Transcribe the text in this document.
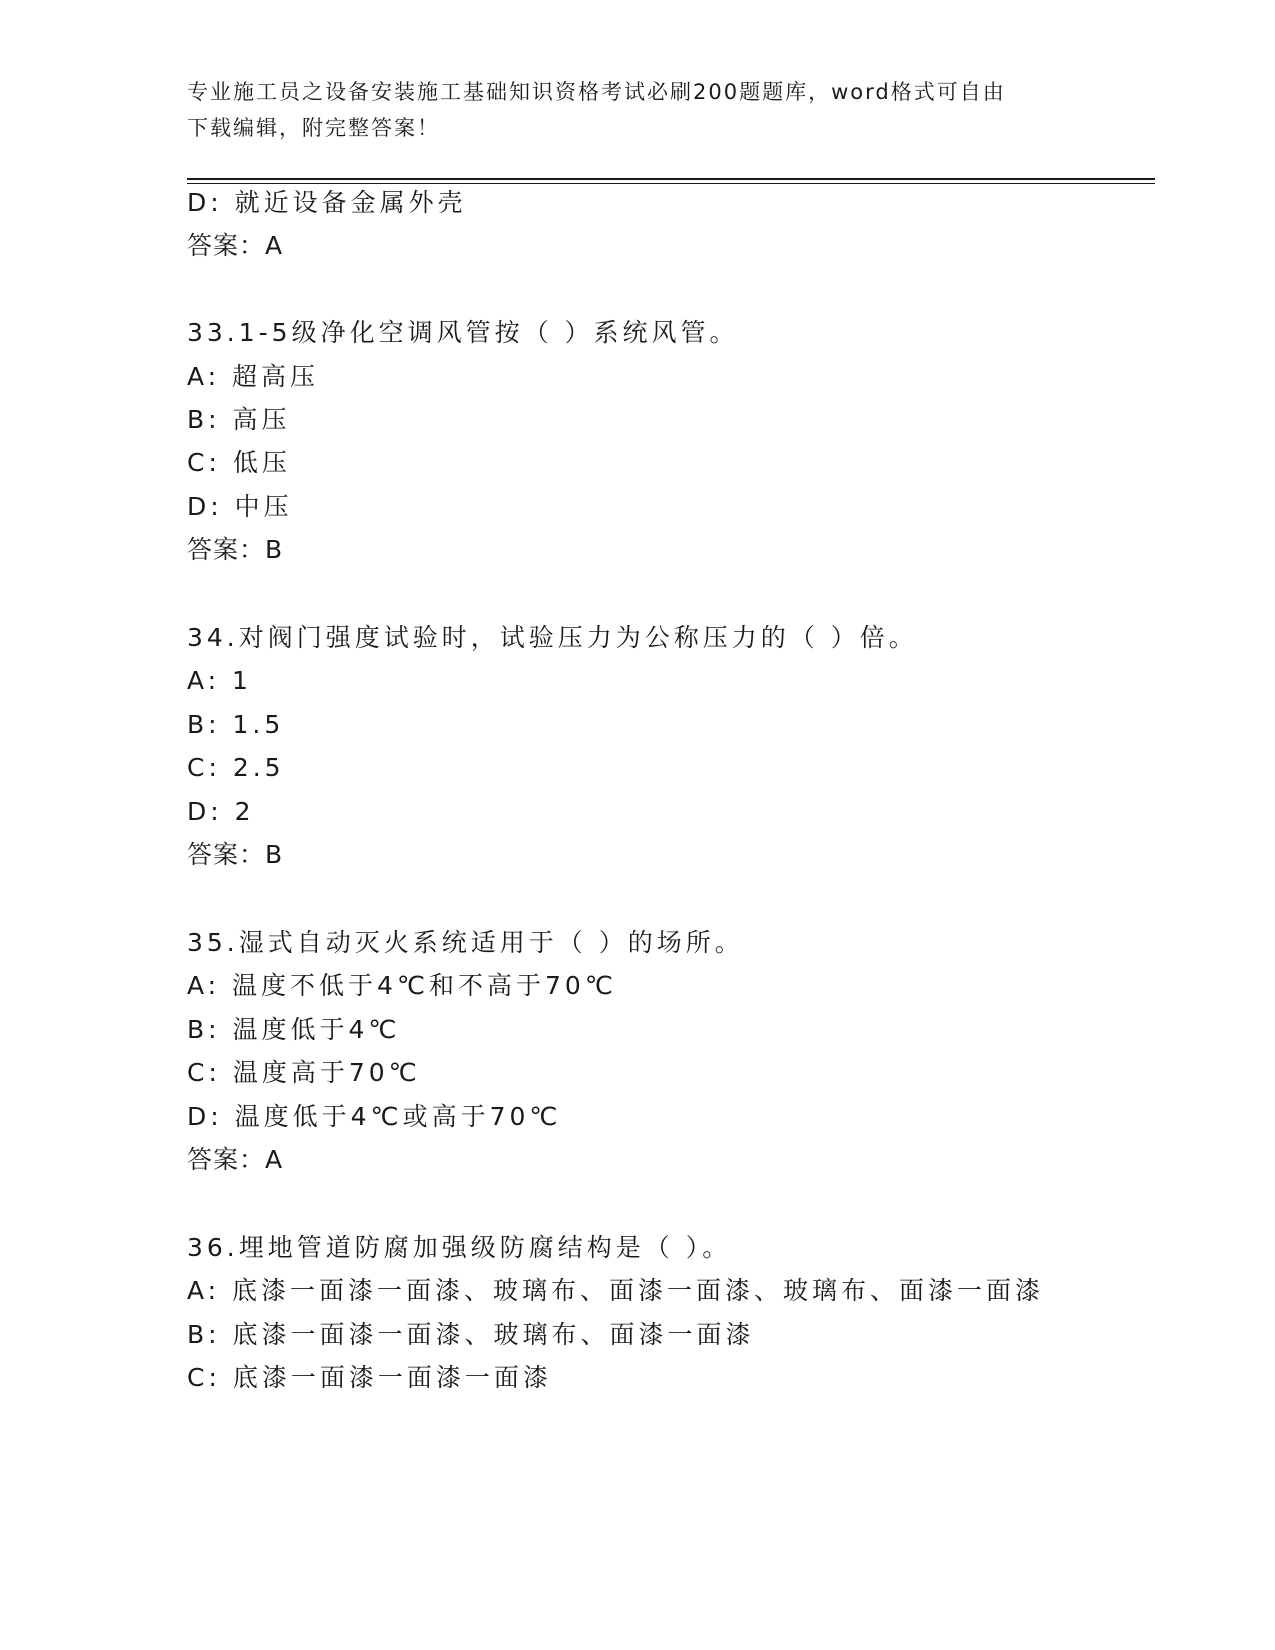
专业施工员之设备安装施工基础知识资格考试必刷200题题库，word格式可自由
下载编辑，附完整答案！
D: 就近设备金属外壳
答案：A
33.1-5级净化空调风管按（ ）系统风管。
A: 超高压
B: 高压
C: 低压
D: 中压
答案：B
34.对阀门强度试验时，试验压力为公称压力的（ ）倍。
A: 1
B: 1.5
C: 2.5
D: 2
答案：B
35.湿式自动灭火系统适用于（ ）的场所。
A: 温度不低于4℃和不高于70℃
B: 温度低于4℃
C: 温度高于70℃
D: 温度低于4℃或高于70℃
答案：A
36.埋地管道防腐加强级防腐结构是（ ）。
A: 底漆一面漆一面漆、玻璃布、面漆一面漆、玻璃布、面漆一面漆
B: 底漆一面漆一面漆、玻璃布、面漆一面漆
C: 底漆一面漆一面漆一面漆
